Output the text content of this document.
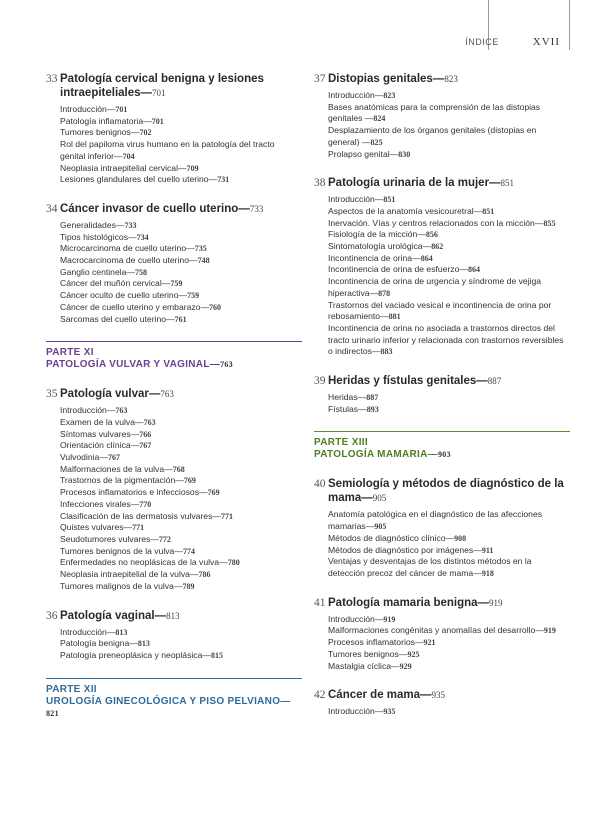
ÍNDICE	XVII
33 Patología cervical benigna y lesiones intraepiteliales—701
Introducción—701
Patología inflamatoria—701
Tumores benignos—702
Rol del papiloma virus humano en la patología del tracto genital inferior—704
Neoplasia intraepitelial cervical—709
Lesiones glandulares del cuello uterino—731
34 Cáncer invasor de cuello uterino—733
Generalidades—733
Tipos histológicos—734
Microcarcinoma de cuello uterino—735
Macrocarcinoma de cuello uterino—748
Ganglio centinela—758
Cáncer del muñón cervical—759
Cáncer oculto de cuello uterino—759
Cáncer de cuello uterino y embarazo—760
Sarcomas del cuello uterino—761
PARTE XI
PATOLOGÍA VULVAR Y VAGINAL—763
35 Patología vulvar—763
Introducción—763
Examen de la vulva—763
Síntomas vulvares—766
Orientación clínica—767
Vulvodinia—767
Malformaciones de la vulva—768
Trastornos de la pigmentación—769
Procesos inflamatorios e infecciosos—769
Infecciones virales—770
Clasificación de las dermatosis vulvares—771
Quistes vulvares—771
Seudotumores vulvares—772
Tumores benignos de la vulva—774
Enfermedades no neoplásicas de la vulva—780
Neoplasia intraepitelial de la vulva—786
Tumores malignos de la vulva—789
36 Patología vaginal—813
Introducción—813
Patología benigna—813
Patología preneoplásica y neoplásica—815
PARTE XII
UROLOGÍA GINECOLÓGICA Y PISO PELVIANO—821
37 Distopias genitales—823
Introducción—823
Bases anatómicas para la comprensión de las distopias genitales —824
Desplazamiento de los órganos genitales (distopias en general) —825
Prolapso genital—830
38 Patología urinaria de la mujer—851
Introducción—851
Aspectos de la anatomía vesicouretral—851
Inervación. Vías y centros relacionados con la micción—855
Fisiología de la micción—856
Sintomatología urológica—862
Incontinencia de orina—864
Incontinencia de orina de esfuerzo—864
Incontinencia de orina de urgencia y síndrome de vejiga hiperactiva—878
Trastornos del vaciado vesical e incontinencia de orina por rebosamiento—881
Incontinencia de orina no asociada a trastornos directos del tracto urinario inferior y relacionada con trastornos reversibles o indirectos—883
39 Heridas y fístulas genitales—887
Heridas—887
Fístulas—893
PARTE XIII
PATOLOGÍA MAMARIA—903
40 Semiología y métodos de diagnóstico de la mama—905
Anatomía patológica en el diagnóstico de las afecciones mamarias—905
Métodos de diagnóstico clínico—908
Métodos de diagnóstico por imágenes—911
Ventajas y desventajas de los distintos métodos en la detección precoz del cáncer de mama—918
41 Patología mamaria benigna—919
Introducción—919
Malformaciones congénitas y anomalías del desarrollo—919
Procesos inflamatorios—921
Tumores benignos—925
Mastalgia cíclica—929
42 Cáncer de mama—935
Introducción—935
